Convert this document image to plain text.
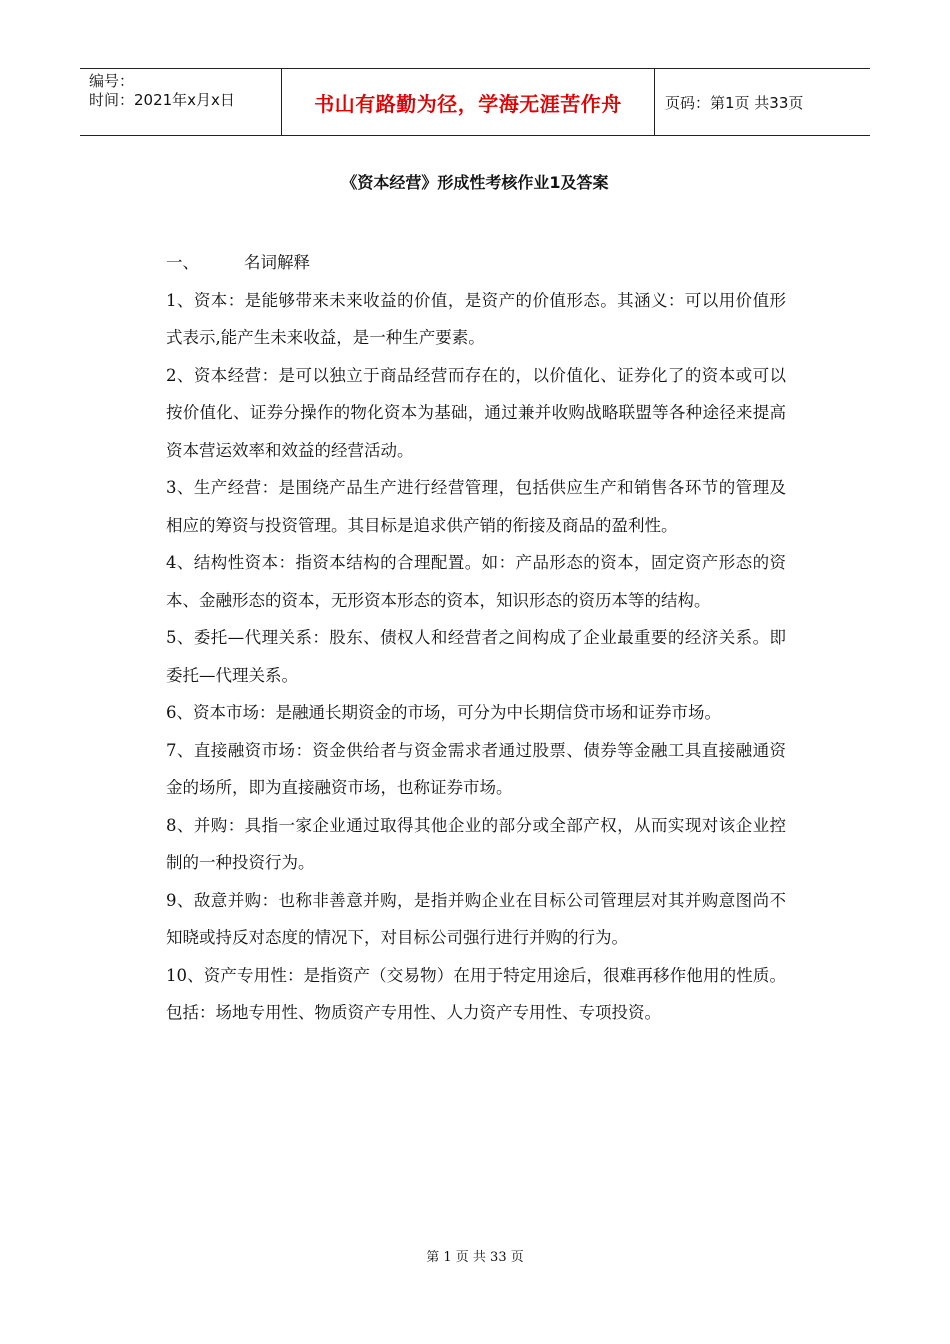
编号：
时间：2021年x月x日	书山有路勤为径，学海无涯苦作舟	页码：第1页 共33页
《资本经营》形成性考核作业1及答案
一、	名词解释

1、资本：是能够带来未来收益的价值，是资产的价值形态。其涵义：可以用价值形式表示,能产生未来收益，是一种生产要素。

2、资本经营：是可以独立于商品经营而存在的，以价值化、证券化了的资本或可以按价值化、证券分操作的物化资本为基础，通过兼并收购战略联盟等各种途径来提高资本营运效率和效益的经营活动。

3、生产经营：是围绕产品生产进行经营管理，包括供应生产和销售各环节的管理及相应的筹资与投资管理。其目标是追求供产销的衔接及商品的盈利性。

4、结构性资本：指资本结构的合理配置。如：产品形态的资本，固定资产形态的资本、金融形态的资本，无形资本形态的资本，知识形态的资历本等的结构。

5、委托—代理关系：股东、债权人和经营者之间构成了企业最重要的经济关系。即委托—代理关系。

6、资本市场：是融通长期资金的市场，可分为中长期信贷市场和证券市场。

7、直接融资市场：资金供给者与资金需求者通过股票、债券等金融工具直接融通资金的场所，即为直接融资市场，也称证券市场。

8、并购：具指一家企业通过取得其他企业的部分或全部产权，从而实现对该企业控制的一种投资行为。

9、敌意并购：也称非善意并购，是指并购企业在目标公司管理层对其并购意图尚不知晓或持反对态度的情况下，对目标公司强行进行并购的行为。

10、资产专用性：是指资产（交易物）在用于特定用途后，很难再移作他用的性质。包括：场地专用性、物质资产专用性、人力资产专用性、专项投资。

第 1 页 共 33 页
